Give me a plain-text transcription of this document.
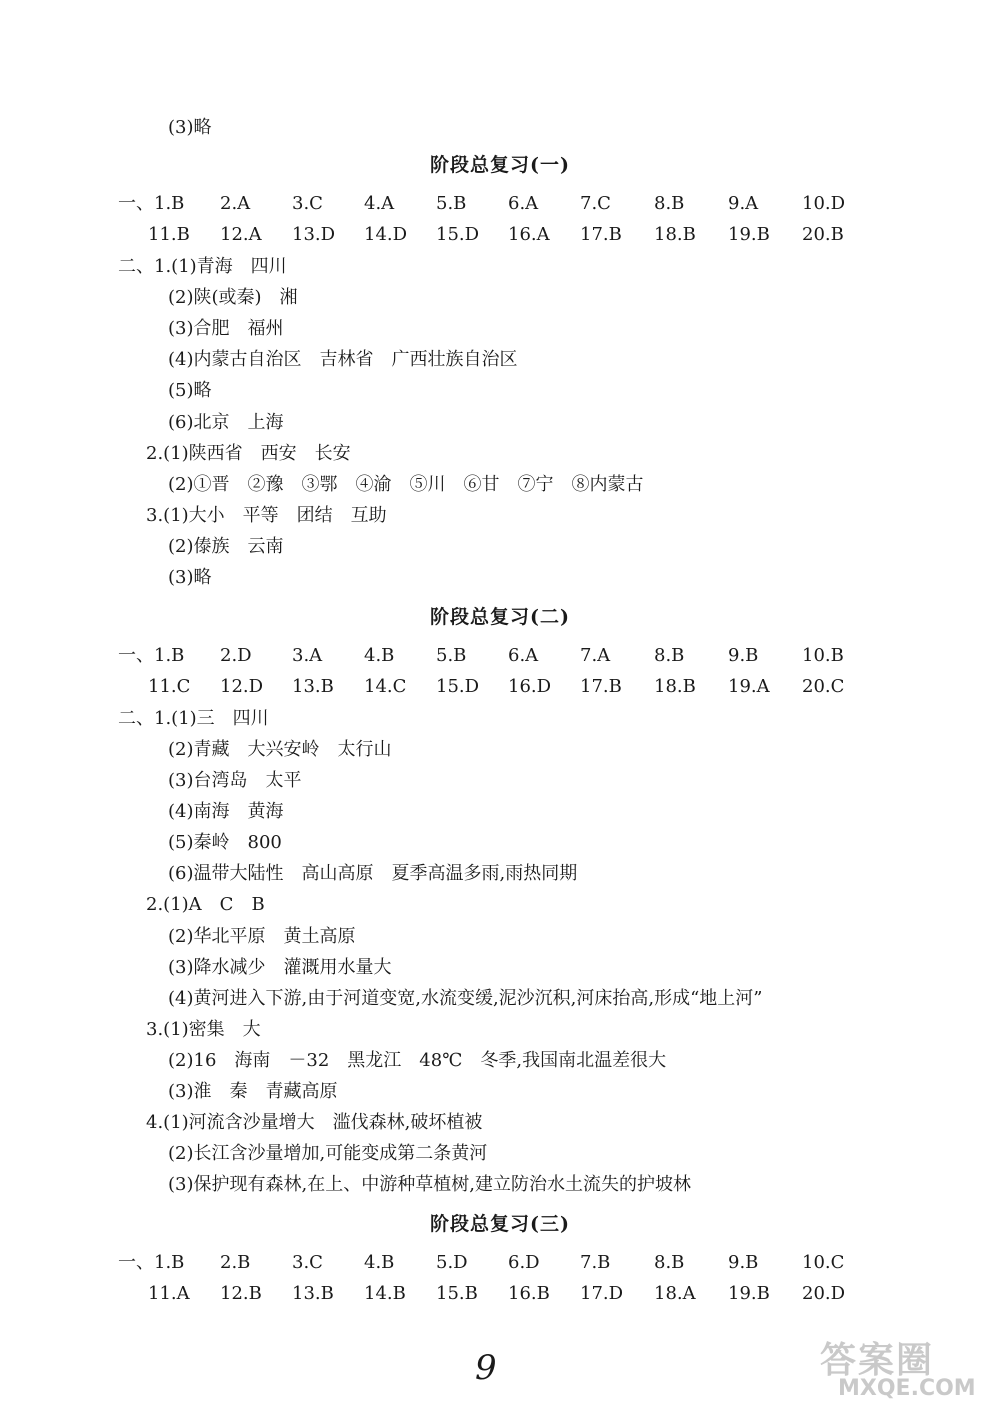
(3)略
阶段总复习(一)
一、1.B 2.A 3.C 4.A 5.B 6.A 7.C 8.B 9.A 10.D
11.B 12.A 13.D 14.D 15.D 16.A 17.B 18.B 19.B 20.B
二、1.(1)青海　四川
(2)陕(或秦)　湘
(3)合肥　福州
(4)内蒙古自治区　吉林省　广西壮族自治区
(5)略
(6)北京　上海
2.(1)陕西省　西安　长安
(2)①晋　②豫　③鄂　④渝　⑤川　⑥甘　⑦宁　⑧内蒙古
3.(1)大小　平等　团结　互助
(2)傣族　云南
(3)略
阶段总复习(二)
一、1.B 2.D 3.A 4.B 5.B 6.A 7.A 8.B 9.B 10.B
11.C 12.D 13.B 14.C 15.D 16.D 17.B 18.B 19.A 20.C
二、1.(1)三　四川
(2)青藏　大兴安岭　太行山
(3)台湾岛　太平
(4)南海　黄海
(5)秦岭　800
(6)温带大陆性　高山高原　夏季高温多雨,雨热同期
2.(1)A　C　B
(2)华北平原　黄土高原
(3)降水减少　灌溉用水量大
(4)黄河进入下游,由于河道变宽,水流变缓,泥沙沉积,河床抬高,形成“地上河”
3.(1)密集　大
(2)16　海南　－32　黑龙江　48℃　冬季,我国南北温差很大
(3)淮　秦　青藏高原
4.(1)河流含沙量增大　滥伐森林,破坏植被
(2)长江含沙量增加,可能变成第二条黄河
(3)保护现有森林,在上、中游种草植树,建立防治水土流失的护坡林
阶段总复习(三)
一、1.B 2.B 3.C 4.B 5.D 6.D 7.B 8.B 9.B 10.C
11.A 12.B 13.B 14.B 15.B 16.B 17.D 18.A 19.B 20.D
9	答案圈
MXQE.COM
